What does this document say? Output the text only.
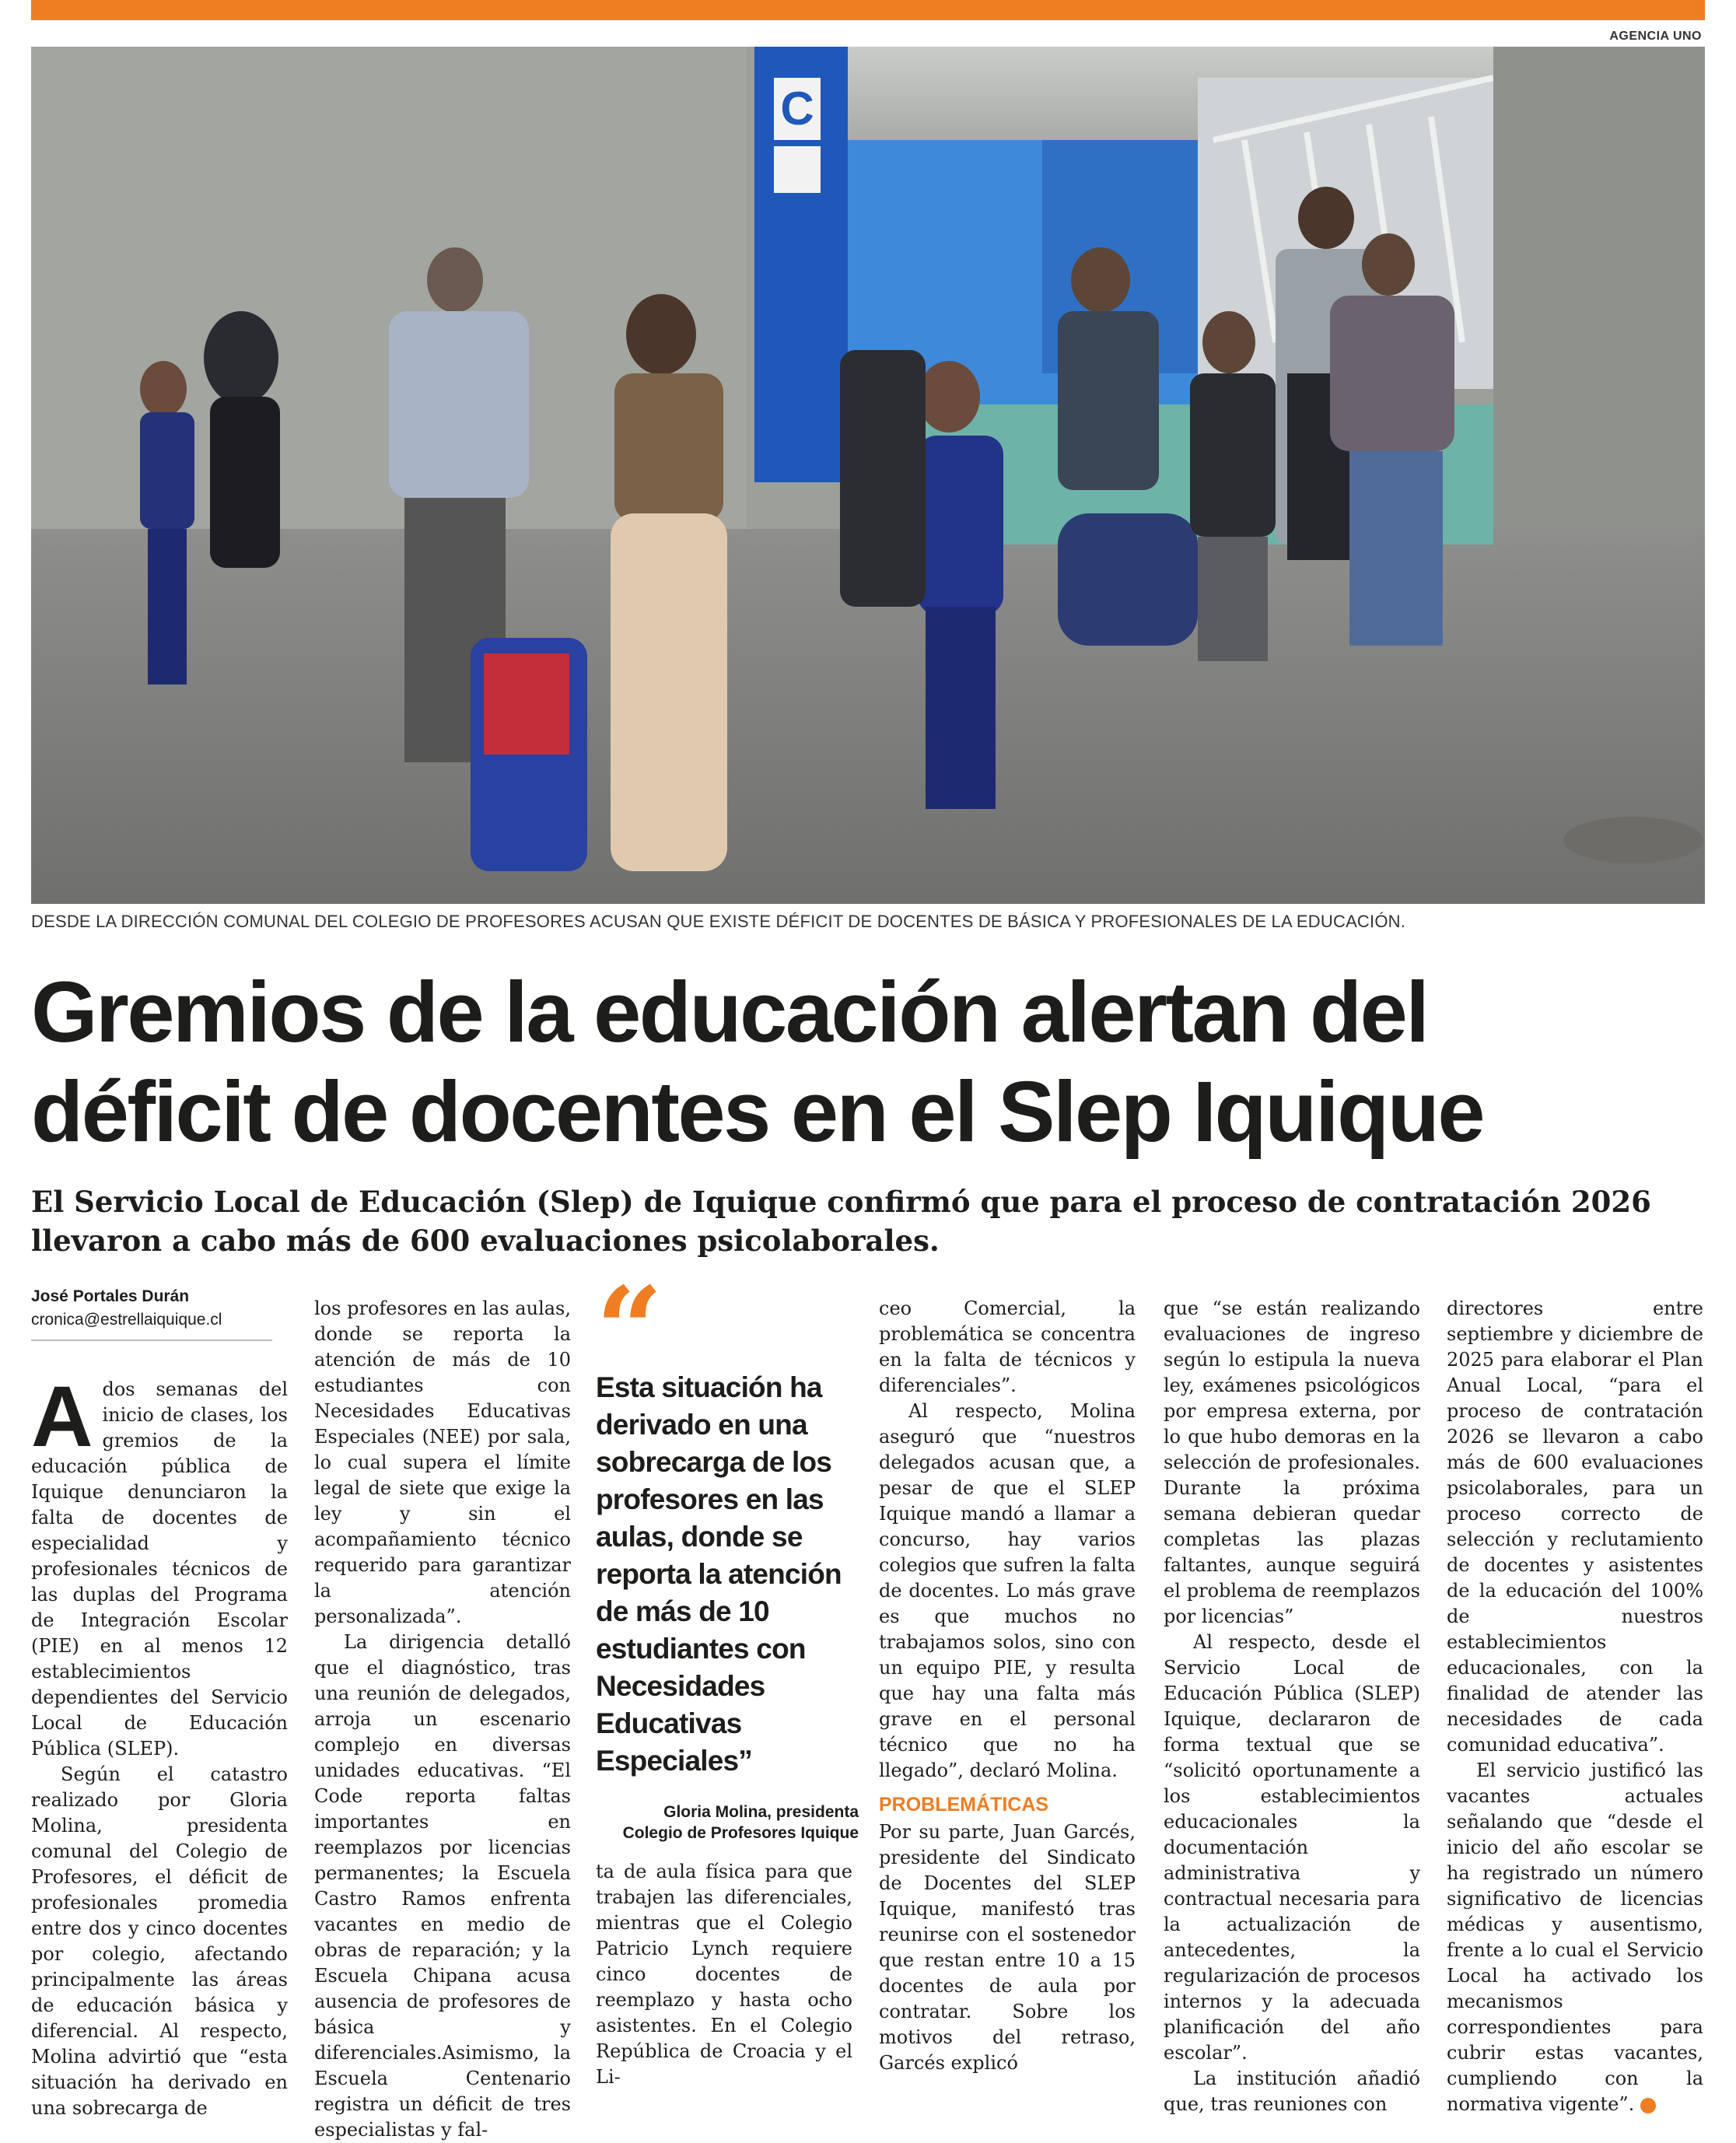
AGENCIA UNO
C
DESDE LA DIRECCIÓN COMUNAL DEL COLEGIO DE PROFESORES ACUSAN QUE EXISTE DÉFICIT DE DOCENTES DE BÁSICA Y PROFESIONALES DE LA EDUCACIÓN.
Gremios de la educación alertan del
déficit de docentes en el Slep Iquique

El Servicio Local de Educación (Slep) de Iquique confirmó que para el proceso de contratación 2026 llevaron a cabo más de 600 evaluaciones psicolaborales.

José Portales Durán
cronica@estrellaiquique.cl

A dos semanas del inicio de clases, los gremios de la educación pública de Iquique denunciaron la falta de docentes de especialidad y profesionales técnicos de las duplas del Programa de Integración Escolar (PIE) en al menos 12 establecimientos dependientes del Servicio Local de Educación Pública (SLEP).

Según el catastro realizado por Gloria Molina, presidenta comunal del Colegio de Profesores, el déficit de profesionales promedia entre dos y cinco docentes por colegio, afectando principalmente las áreas de educación básica y diferencial. Al respecto, Molina advirtió que “esta situación ha derivado en una sobrecarga de

los profesores en las aulas, donde se reporta la atención de más de 10 estudiantes con Necesidades Educativas Especiales (NEE) por sala, lo cual supera el límite legal de siete que exige la ley y sin el acompañamiento técnico requerido para garantizar la atención personalizada”.

La dirigencia detalló que el diagnóstico, tras una reunión de delegados, arroja un escenario complejo en diversas unidades educativas. “El Code reporta faltas importantes en reemplazos por licencias permanentes; la Escuela Castro Ramos enfrenta vacantes en medio de obras de reparación; y la Escuela Chipana acusa ausencia de profesores de básica y diferenciales.Asimismo, la Escuela Centenario registra un déficit de tres especialistas y fal-

“

Esta situación ha derivado en una sobrecarga de los profesores en las aulas, donde se reporta la atención de más de 10 estudiantes con Necesidades Educativas Especiales”

Gloria Molina, presidenta
Colegio de Profesores Iquique

ta de aula física para que trabajen las diferenciales, mientras que el Colegio Patricio Lynch requiere cinco docentes de reemplazo y hasta ocho asistentes. En el Colegio República de Croacia y el Li-

ceo Comercial, la problemática se concentra en la falta de técnicos y diferenciales”.

Al respecto, Molina aseguró que “nuestros delegados acusan que, a pesar de que el SLEP Iquique mandó a llamar a concurso, hay varios colegios que sufren la falta de docentes. Lo más grave es que muchos no trabajamos solos, sino con un equipo PIE, y resulta que hay una falta más grave en el personal técnico que no ha llegado”, declaró Molina.

PROBLEMÁTICAS

Por su parte, Juan Garcés, presidente del Sindicato de Docentes del SLEP Iquique, manifestó tras reunirse con el sostenedor que restan entre 10 a 15 docentes de aula por contratar. Sobre los motivos del retraso, Garcés explicó

que “se están realizando evaluaciones de ingreso según lo estipula la nueva ley, exámenes psicológicos por empresa externa, por lo que hubo demoras en la selección de profesionales. Durante la próxima semana debieran quedar completas las plazas faltantes, aunque seguirá el problema de reemplazos por licencias”

Al respecto, desde el Servicio Local de Educación Pública (SLEP) Iquique, declararon de forma textual que se “solicitó oportunamente a los establecimientos educacionales la documentación administrativa y contractual necesaria para la actualización de antecedentes, la regularización de procesos internos y la adecuada planificación del año escolar”.

La institución añadió que, tras reuniones con

directores entre septiembre y diciembre de 2025 para elaborar el Plan Anual Local, “para el proceso de contratación 2026 se llevaron a cabo más de 600 evaluaciones psicolaborales, para un proceso correcto de selección y reclutamiento de docentes y asistentes de la educación del 100% de nuestros establecimientos educacionales, con la finalidad de atender las necesidades de cada comunidad educativa”.

El servicio justificó las vacantes actuales señalando que “desde el inicio del año escolar se ha registrado un número significativo de licencias médicas y ausentismo, frente a lo cual el Servicio Local ha activado los mecanismos correspondientes para cubrir estas vacantes, cumpliendo con la normativa vigente”.	+
